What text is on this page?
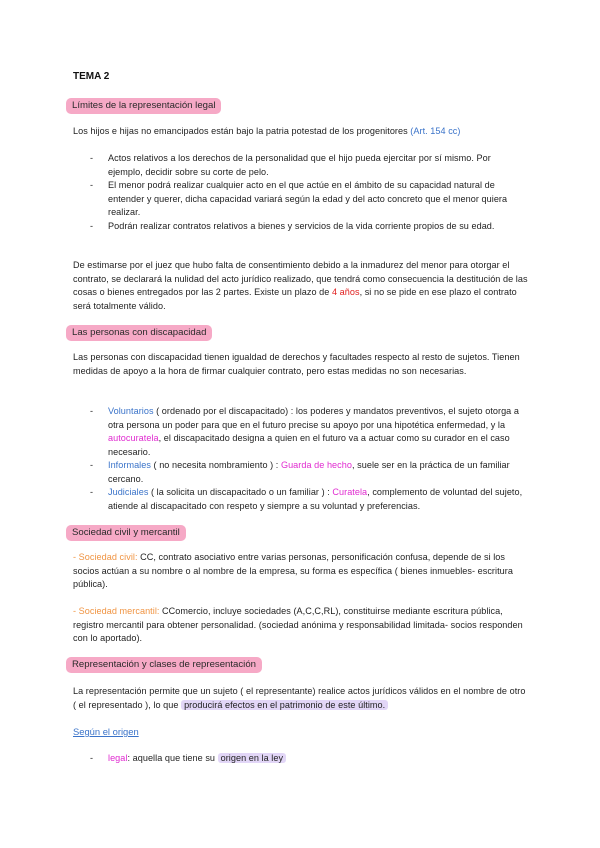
TEMA 2
Límites de la representación legal

Los hijos e hijas no emancipados están bajo la patria potestad de los progenitores (Art. 154 cc)

- Actos relativos a los derechos de la personalidad que el hijo pueda ejercitar por sí mismo. Por ejemplo, decidir sobre su corte de pelo.
- El menor podrá realizar cualquier acto en el que actúe en el ámbito de su capacidad natural de entender y querer, dicha capacidad variará según la edad y del acto concreto que el menor quiera realizar.
- Podrán realizar contratos relativos a bienes y servicios de la vida corriente propios de su edad.

De estimarse por el juez que hubo falta de consentimiento debido a la inmadurez del menor para otorgar el contrato, se declarará la nulidad del acto jurídico realizado, que tendrá como consecuencia la destitución de las cosas o bienes entregados por las 2 partes. Existe un plazo de 4 años, si no se pide en ese plazo el contrato será totalmente válido.

Las personas con discapacidad

Las personas con discapacidad tienen igualdad de derechos y facultades respecto al resto de sujetos. Tienen medidas de apoyo a la hora de firmar cualquier contrato, pero estas medidas no son necesarias.

- Voluntarios ( ordenado por el discapacitado) : los poderes y mandatos preventivos, el sujeto otorga a otra persona un poder para que en el futuro precise su apoyo por una hipotética enfermedad, y la autocuratela, el discapacitado designa a quien en el futuro va a actuar como su curador en el caso necesario.
- Informales ( no necesita nombramiento ) : Guarda de hecho, suele ser en la práctica de un familiar cercano.
- Judiciales ( la solicita un discapacitado o un familiar ) : Curatela, complemento de voluntad del sujeto, atiende al discapacitado con respeto y siempre a su voluntad y preferencias.
Sociedad civil y mercantil

- Sociedad civil: CC, contrato asociativo entre varias personas, personificación confusa, depende de si los socios actúan a su nombre o al nombre de la empresa, su forma es específica ( bienes inmuebles- escritura pública).

- Sociedad mercantil: CComercio, incluye sociedades (A,C,C,RL), constituirse mediante escritura pública, registro mercantil para obtener personalidad. (sociedad anónima y responsabilidad limitada- socios responden con lo aportado).

Representación y clases de representación

La representación permite que un sujeto ( el representante) realice actos jurídicos válidos en el nombre de otro ( el representado ), lo que producirá efectos en el patrimonio de este último.

Según el origen
- legal: aquella que tiene su origen en la ley
